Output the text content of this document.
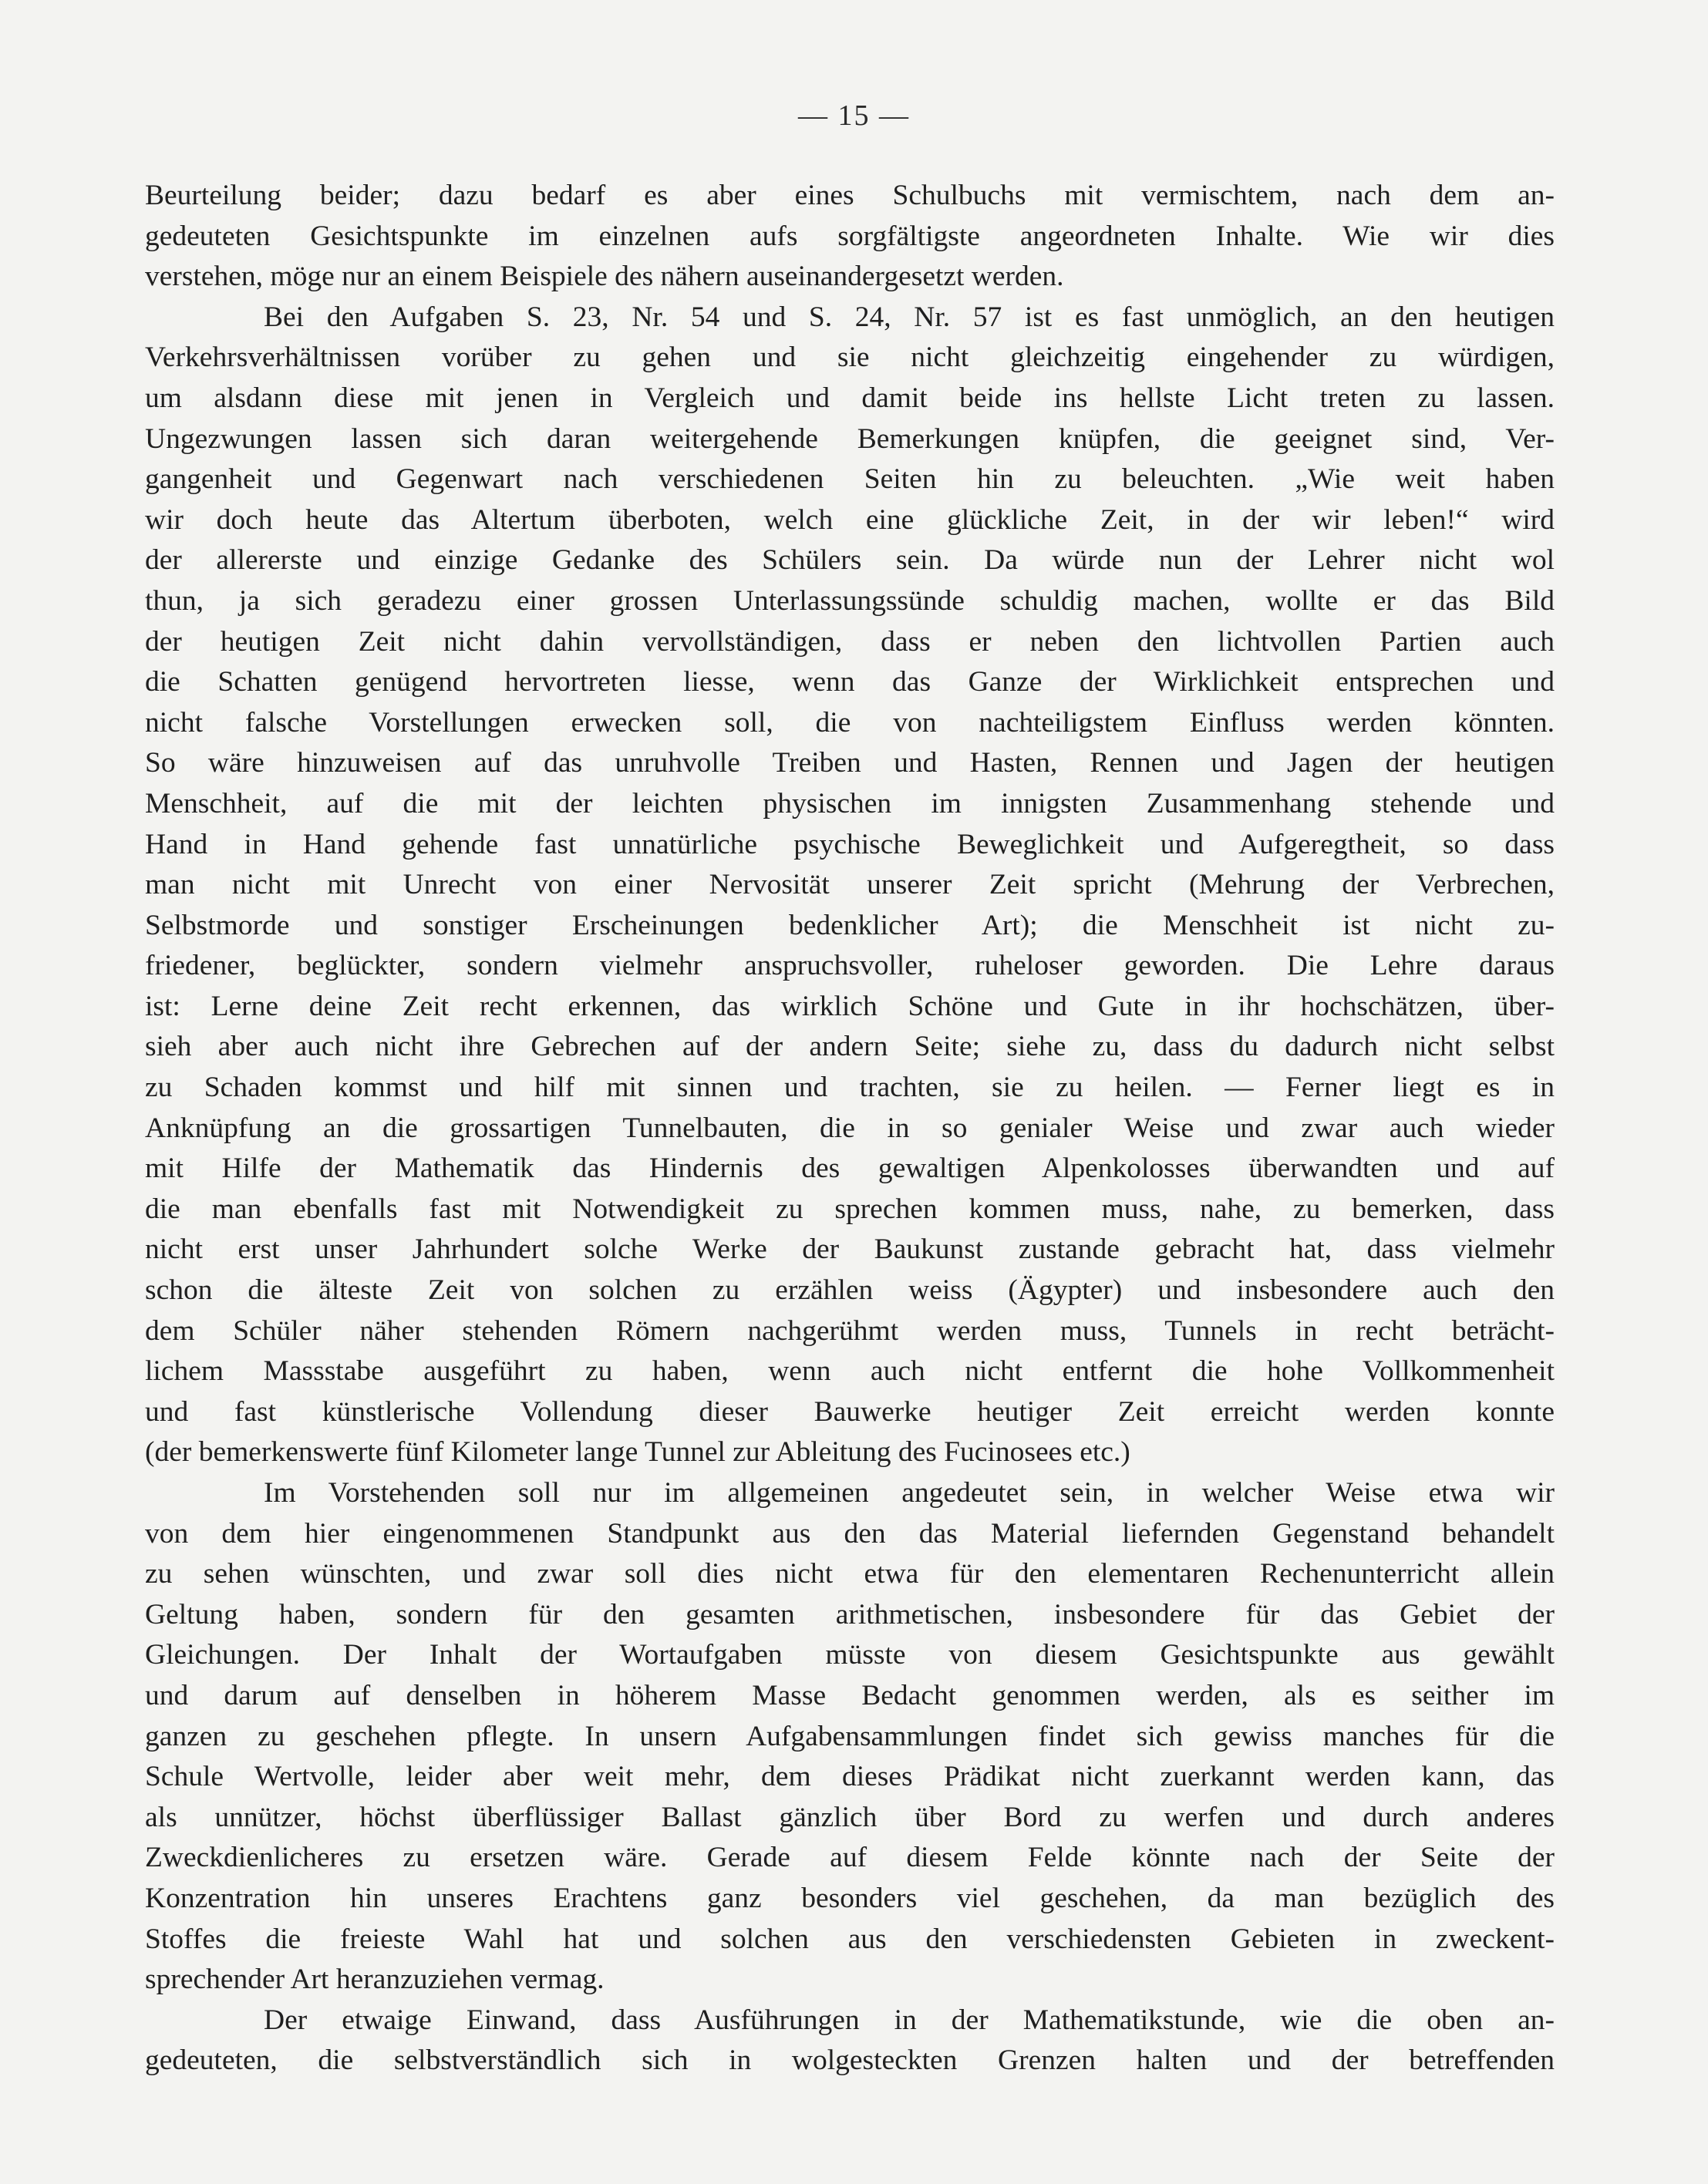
— 15 —
Beurteilung beider; dazu bedarf es aber eines Schulbuchs mit vermischtem, nach dem an-
gedeuteten Gesichtspunkte im einzelnen aufs sorgfältigste angeordneten Inhalte. Wie wir dies
verstehen, möge nur an einem Beispiele des nähern auseinandergesetzt werden.
Bei den Aufgaben S. 23, Nr. 54 und S. 24, Nr. 57 ist es fast unmöglich, an den heutigen
Verkehrsverhältnissen vorüber zu gehen und sie nicht gleichzeitig eingehender zu würdigen,
um alsdann diese mit jenen in Vergleich und damit beide ins hellste Licht treten zu lassen.
Ungezwungen lassen sich daran weitergehende Bemerkungen knüpfen, die geeignet sind, Ver-
gangenheit und Gegenwart nach verschiedenen Seiten hin zu beleuchten. „Wie weit haben
wir doch heute das Altertum überboten, welch eine glückliche Zeit, in der wir leben!“ wird
der allererste und einzige Gedanke des Schülers sein. Da würde nun der Lehrer nicht wol
thun, ja sich geradezu einer grossen Unterlassungssünde schuldig machen, wollte er das Bild
der heutigen Zeit nicht dahin vervollständigen, dass er neben den lichtvollen Partien auch
die Schatten genügend hervortreten liesse, wenn das Ganze der Wirklichkeit entsprechen und
nicht falsche Vorstellungen erwecken soll, die von nachteiligstem Einfluss werden könnten.
So wäre hinzuweisen auf das unruhvolle Treiben und Hasten, Rennen und Jagen der heutigen
Menschheit, auf die mit der leichten physischen im innigsten Zusammenhang stehende und
Hand in Hand gehende fast unnatürliche psychische Beweglichkeit und Aufgeregtheit, so dass
man nicht mit Unrecht von einer Nervosität unserer Zeit spricht (Mehrung der Verbrechen,
Selbstmorde und sonstiger Erscheinungen bedenklicher Art); die Menschheit ist nicht zu-
friedener, beglückter, sondern vielmehr anspruchsvoller, ruheloser geworden. Die Lehre daraus
ist: Lerne deine Zeit recht erkennen, das wirklich Schöne und Gute in ihr hochschätzen, über-
sieh aber auch nicht ihre Gebrechen auf der andern Seite; siehe zu, dass du dadurch nicht selbst
zu Schaden kommst und hilf mit sinnen und trachten, sie zu heilen. — Ferner liegt es in
Anknüpfung an die grossartigen Tunnelbauten, die in so genialer Weise und zwar auch wieder
mit Hilfe der Mathematik das Hindernis des gewaltigen Alpenkolosses überwandten und auf
die man ebenfalls fast mit Notwendigkeit zu sprechen kommen muss, nahe, zu bemerken, dass
nicht erst unser Jahrhundert solche Werke der Baukunst zustande gebracht hat, dass vielmehr
schon die älteste Zeit von solchen zu erzählen weiss (Ägypter) und insbesondere auch den
dem Schüler näher stehenden Römern nachgerühmt werden muss, Tunnels in recht beträcht-
lichem Massstabe ausgeführt zu haben, wenn auch nicht entfernt die hohe Vollkommenheit
und fast künstlerische Vollendung dieser Bauwerke heutiger Zeit erreicht werden konnte
(der bemerkenswerte fünf Kilometer lange Tunnel zur Ableitung des Fucinosees etc.)
Im Vorstehenden soll nur im allgemeinen angedeutet sein, in welcher Weise etwa wir
von dem hier eingenommenen Standpunkt aus den das Material liefernden Gegenstand behandelt
zu sehen wünschten, und zwar soll dies nicht etwa für den elementaren Rechenunterricht allein
Geltung haben, sondern für den gesamten arithmetischen, insbesondere für das Gebiet der
Gleichungen. Der Inhalt der Wortaufgaben müsste von diesem Gesichtspunkte aus gewählt
und darum auf denselben in höherem Masse Bedacht genommen werden, als es seither im
ganzen zu geschehen pflegte. In unsern Aufgabensammlungen findet sich gewiss manches für die
Schule Wertvolle, leider aber weit mehr, dem dieses Prädikat nicht zuerkannt werden kann, das
als unnützer, höchst überflüssiger Ballast gänzlich über Bord zu werfen und durch anderes
Zweckdienlicheres zu ersetzen wäre. Gerade auf diesem Felde könnte nach der Seite der
Konzentration hin unseres Erachtens ganz besonders viel geschehen, da man bezüglich des
Stoffes die freieste Wahl hat und solchen aus den verschiedensten Gebieten in zweckent-
sprechender Art heranzuziehen vermag.
Der etwaige Einwand, dass Ausführungen in der Mathematikstunde, wie die oben an-
gedeuteten, die selbstverständlich sich in wolgesteckten Grenzen halten und der betreffenden
